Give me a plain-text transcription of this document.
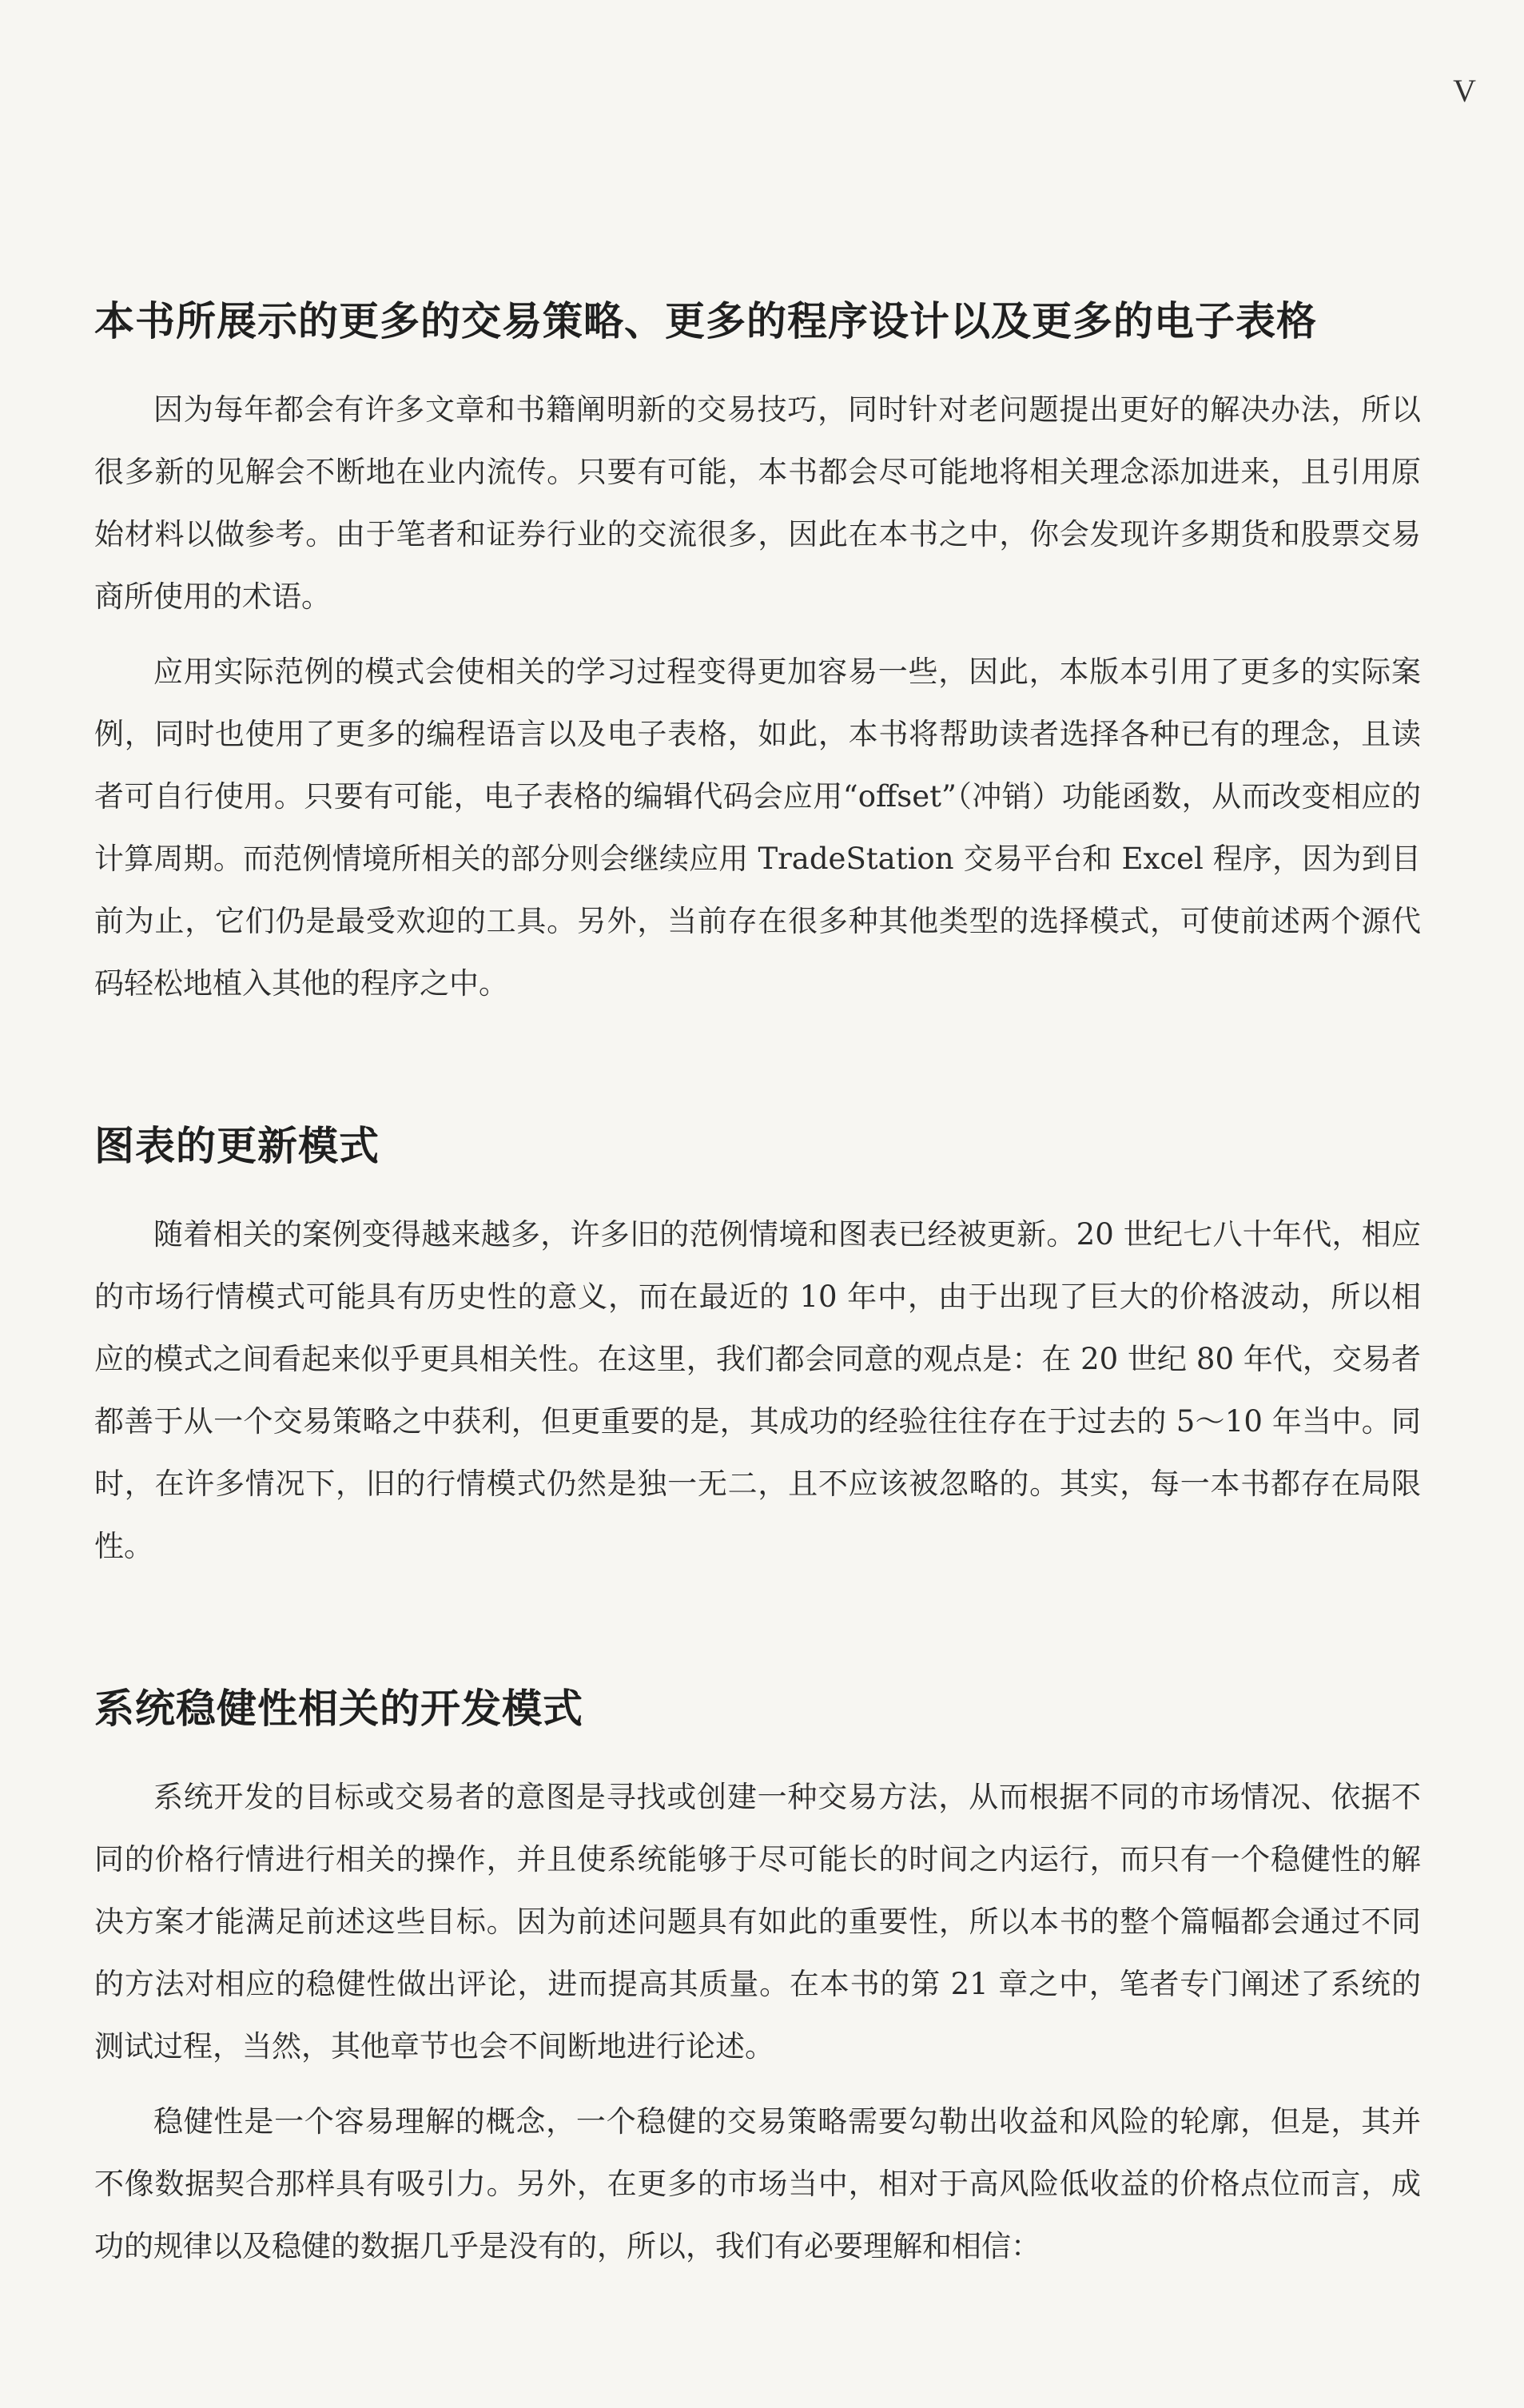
V
本书所展示的更多的交易策略、更多的程序设计以及更多的电子表格

因为每年都会有许多文章和书籍阐明新的交易技巧，同时针对老问题提出更好的解决办法，所以很多新的见解会不断地在业内流传。只要有可能，本书都会尽可能地将相关理念添加进来，且引用原始材料以做参考。由于笔者和证券行业的交流很多，因此在本书之中，你会发现许多期货和股票交易商所使用的术语。

应用实际范例的模式会使相关的学习过程变得更加容易一些，因此，本版本引用了更多的实际案例，同时也使用了更多的编程语言以及电子表格，如此，本书将帮助读者选择各种已有的理念，且读者可自行使用。只要有可能，电子表格的编辑代码会应用“offset”（冲销）功能函数，从而改变相应的计算周期。而范例情境所相关的部分则会继续应用 TradeStation 交易平台和 Excel 程序，因为到目前为止，它们仍是最受欢迎的工具。另外，当前存在很多种其他类型的选择模式，可使前述两个源代码轻松地植入其他的程序之中。

图表的更新模式

随着相关的案例变得越来越多，许多旧的范例情境和图表已经被更新。20 世纪七八十年代，相应的市场行情模式可能具有历史性的意义，而在最近的 10 年中，由于出现了巨大的价格波动，所以相应的模式之间看起来似乎更具相关性。在这里，我们都会同意的观点是：在 20 世纪 80 年代，交易者都善于从一个交易策略之中获利，但更重要的是，其成功的经验往往存在于过去的 5～10 年当中。同时，在许多情况下，旧的行情模式仍然是独一无二，且不应该被忽略的。其实，每一本书都存在局限性。

系统稳健性相关的开发模式

系统开发的目标或交易者的意图是寻找或创建一种交易方法，从而根据不同的市场情况、依据不同的价格行情进行相关的操作，并且使系统能够于尽可能长的时间之内运行，而只有一个稳健性的解决方案才能满足前述这些目标。因为前述问题具有如此的重要性，所以本书的整个篇幅都会通过不同的方法对相应的稳健性做出评论，进而提高其质量。在本书的第 21 章之中，笔者专门阐述了系统的测试过程，当然，其他章节也会不间断地进行论述。

稳健性是一个容易理解的概念，一个稳健的交易策略需要勾勒出收益和风险的轮廓，但是，其并不像数据契合那样具有吸引力。另外，在更多的市场当中，相对于高风险低收益的价格点位而言，成功的规律以及稳健的数据几乎是没有的，所以，我们有必要理解和相信：
